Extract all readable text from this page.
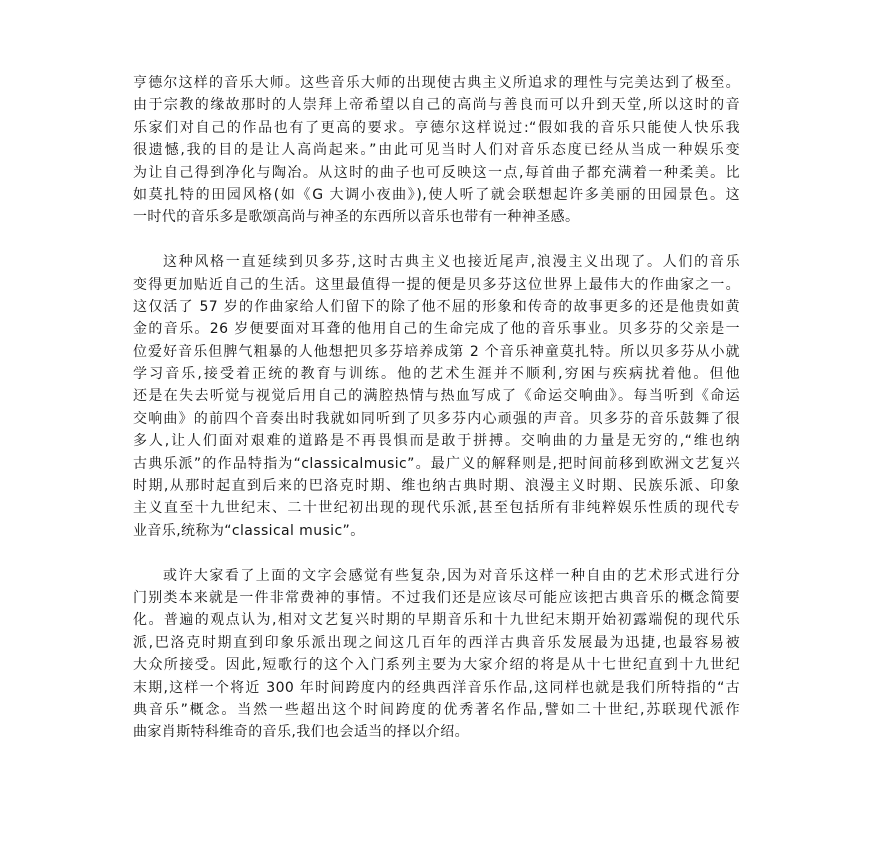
亨德尔这样的音乐大师。这些音乐大师的出现使古典主义所追求的理性与完美达到了极至。
由于宗教的缘故那时的人崇拜上帝希望以自己的高尚与善良而可以升到天堂,所以这时的音
乐家们对自己的作品也有了更高的要求。亨德尔这样说过:“假如我的音乐只能使人快乐我
很遗憾,我的目的是让人高尚起来。”由此可见当时人们对音乐态度已经从当成一种娱乐变
为让自己得到净化与陶冶。从这时的曲子也可反映这一点,每首曲子都充满着一种柔美。比
如莫扎特的田园风格(如《G 大调小夜曲》),使人听了就会联想起许多美丽的田园景色。这
一时代的音乐多是歌颂高尚与神圣的东西所以音乐也带有一种神圣感。
这种风格一直延续到贝多芬,这时古典主义也接近尾声,浪漫主义出现了。人们的音乐
变得更加贴近自己的生活。这里最值得一提的便是贝多芬这位世界上最伟大的作曲家之一。
这仅活了 57 岁的作曲家给人们留下的除了他不屈的形象和传奇的故事更多的还是他贵如黄
金的音乐。26 岁便要面对耳聋的他用自己的生命完成了他的音乐事业。贝多芬的父亲是一
位爱好音乐但脾气粗暴的人他想把贝多芬培养成第 2 个音乐神童莫扎特。所以贝多芬从小就
学习音乐,接受着正统的教育与训练。他的艺术生涯并不顺利,穷困与疾病扰着他。但他
还是在失去听觉与视觉后用自己的满腔热情与热血写成了《命运交响曲》。每当听到《命运
交响曲》的前四个音奏出时我就如同听到了贝多芬内心顽强的声音。贝多芬的音乐鼓舞了很
多人,让人们面对艰难的道路是不再畏惧而是敢于拼搏。交响曲的力量是无穷的,“维也纳
古典乐派”的作品特指为“classicalmusic”。最广义的解释则是,把时间前移到欧洲文艺复兴
时期,从那时起直到后来的巴洛克时期、维也纳古典时期、浪漫主义时期、民族乐派、印象
主义直至十九世纪末、二十世纪初出现的现代乐派,甚至包括所有非纯粹娱乐性质的现代专
业音乐,统称为“classical music”。
或许大家看了上面的文字会感觉有些复杂,因为对音乐这样一种自由的艺术形式进行分
门别类本来就是一件非常费神的事情。不过我们还是应该尽可能应该把古典音乐的概念简要
化。普遍的观点认为,相对文艺复兴时期的早期音乐和十九世纪末期开始初露端倪的现代乐
派,巴洛克时期直到印象乐派出现之间这几百年的西洋古典音乐发展最为迅捷,也最容易被
大众所接受。因此,短歌行的这个入门系列主要为大家介绍的将是从十七世纪直到十九世纪
末期,这样一个将近 300 年时间跨度内的经典西洋音乐作品,这同样也就是我们所特指的“古
典音乐”概念。当然一些超出这个时间跨度的优秀著名作品,譬如二十世纪,苏联现代派作
曲家肖斯特科维奇的音乐,我们也会适当的择以介绍。
